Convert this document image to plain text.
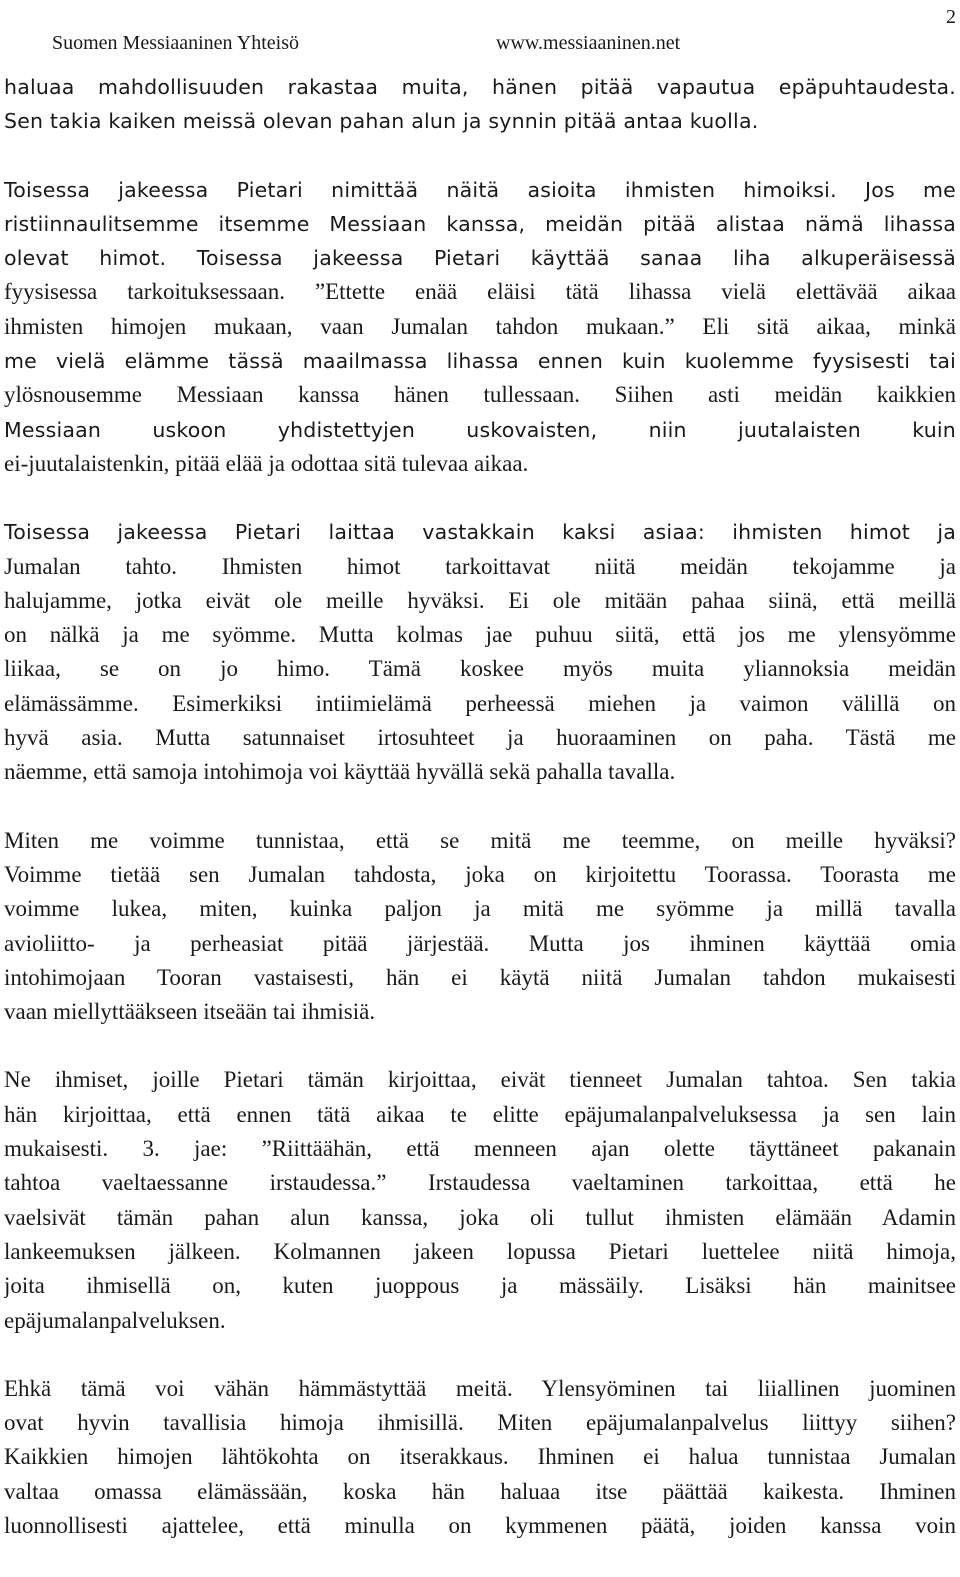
Suomen Messiaaninen Yhteisö	www.messiaaninen.net
2
haluaa mahdollisuuden rakastaa muita, hänen pitää vapautua epäpuhtaudesta.
Sen takia kaiken meissä olevan pahan alun ja synnin pitää antaa kuolla.
Toisessa jakeessa Pietari nimittää näitä asioita ihmisten himoiksi. Jos me
ristiinnaulitsemme itsemme Messiaan kanssa, meidän pitää alistaa nämä lihassa
olevat himot. Toisessa jakeessa Pietari käyttää sanaa liha alkuperäisessä
fyysisessa tarkoituksessaan. ”Ettette enää eläisi tätä lihassa vielä elettävää aikaa
ihmisten himojen mukaan, vaan Jumalan tahdon mukaan.” Eli sitä aikaa, minkä
me vielä elämme tässä maailmassa lihassa ennen kuin kuolemme fyysisesti tai
ylösnousemme Messiaan kanssa hänen tullessaan. Siihen asti meidän kaikkien
Messiaan uskoon yhdistettyjen uskovaisten, niin juutalaisten kuin
ei-juutalaistenkin, pitää elää ja odottaa sitä tulevaa aikaa.
Toisessa jakeessa Pietari laittaa vastakkain kaksi asiaa: ihmisten himot ja
Jumalan tahto. Ihmisten himot tarkoittavat niitä meidän tekojamme ja
halujamme, jotka eivät ole meille hyväksi. Ei ole mitään pahaa siinä, että meillä
on nälkä ja me syömme. Mutta kolmas jae puhuu siitä, että jos me ylensyömme
liikaa, se on jo himo. Tämä koskee myös muita yliannoksia meidän
elämässämme. Esimerkiksi intiimielämä perheessä miehen ja vaimon välillä on
hyvä asia. Mutta satunnaiset irtosuhteet ja huoraaminen on paha. Tästä me
näemme, että samoja intohimoja voi käyttää hyvällä sekä pahalla tavalla.
Miten me voimme tunnistaa, että se mitä me teemme, on meille hyväksi?
Voimme tietää sen Jumalan tahdosta, joka on kirjoitettu Toorassa. Toorasta me
voimme lukea, miten, kuinka paljon ja mitä me syömme ja millä tavalla
avioliitto- ja perheasiat pitää järjestää. Mutta jos ihminen käyttää omia
intohimojaan Tooran vastaisesti, hän ei käytä niitä Jumalan tahdon mukaisesti
vaan miellyttääkseen itseään tai ihmisiä.
Ne ihmiset, joille Pietari tämän kirjoittaa, eivät tienneet Jumalan tahtoa. Sen takia
hän kirjoittaa, että ennen tätä aikaa te elitte epäjumalanpalveluksessa ja sen lain
mukaisesti. 3. jae: ”Riittäähän, että menneen ajan olette täyttäneet pakanain
tahtoa vaeltaessanne irstaudessa.” Irstaudessa vaeltaminen tarkoittaa, että he
vaelsivät tämän pahan alun kanssa, joka oli tullut ihmisten elämään Adamin
lankeemuksen jälkeen. Kolmannen jakeen lopussa Pietari luettelee niitä himoja,
joita ihmisellä on, kuten juoppous ja mässäily. Lisäksi hän mainitsee
epäjumalanpalveluksen.
Ehkä tämä voi vähän hämmästyttää meitä. Ylensyöminen tai liiallinen juominen
ovat hyvin tavallisia himoja ihmisillä. Miten epäjumalanpalvelus liittyy siihen?
Kaikkien himojen lähtökohta on itserakkaus. Ihminen ei halua tunnistaa Jumalan
valtaa omassa elämässään, koska hän haluaa itse päättää kaikesta. Ihminen
luonnollisesti ajattelee, että minulla on kymmenen päätä, joiden kanssa voin
